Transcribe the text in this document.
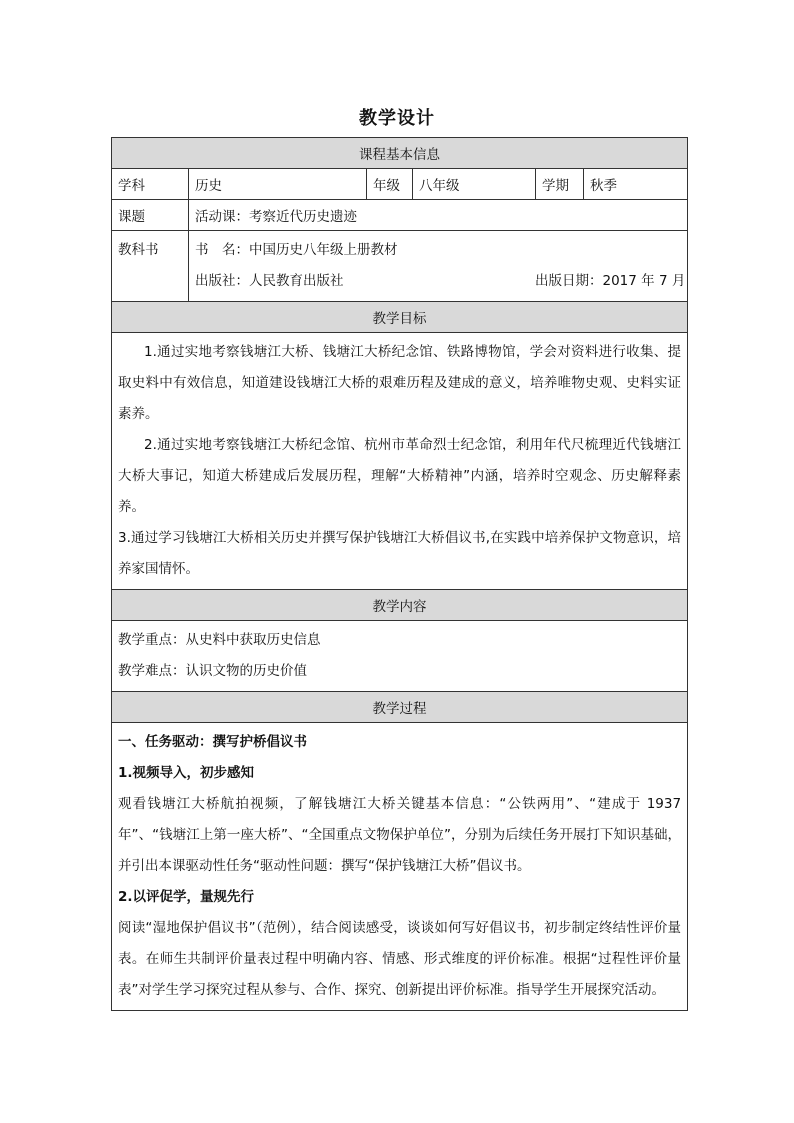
教学设计
课程基本信息					
学科	历史	年级	八年级	学期	秋季
课题	活动课：考察近代历史遗迹				

教科书	书　名：中国历史八年级上册教材
出版社：人民教育出版社 出版日期：2017 年 7 月				

教学目标					

1.通过实地考察钱塘江大桥、钱塘江大桥纪念馆、铁路博物馆，学会对资料进行收集、提取史料中有效信息，知道建设钱塘江大桥的艰难历程及建成的意义，培养唯物史观、史料实证素养。
2.通过实地考察钱塘江大桥纪念馆、杭州市革命烈士纪念馆，利用年代尺梳理近代钱塘江大桥大事记，知道大桥建成后发展历程，理解“大桥精神”内涵，培养时空观念、历史解释素养。
3.通过学习钱塘江大桥相关历史并撰写保护钱塘江大桥倡议书,在实践中培养保护文物意识，培养家国情怀。					

教学内容					

教学重点：从史料中获取历史信息
教学难点：认识文物的历史价值					

教学过程					

一、任务驱动：撰写护桥倡议书
1.视频导入，初步感知
观看钱塘江大桥航拍视频，了解钱塘江大桥关键基本信息：“公铁两用”、“建成于 1937 年”、“钱塘江上第一座大桥”、“全国重点文物保护单位”，分别为后续任务开展打下知识基础，并引出本课驱动性任务“驱动性问题：撰写“保护钱塘江大桥”倡议书。
2.以评促学，量规先行
阅读“湿地保护倡议书”（范例），结合阅读感受，谈谈如何写好倡议书，初步制定终结性评价量表。在师生共制评价量表过程中明确内容、情感、形式维度的评价标准。根据“过程性评价量表”对学生学习探究过程从参与、合作、探究、创新提出评价标准。指导学生开展探究活动。					
